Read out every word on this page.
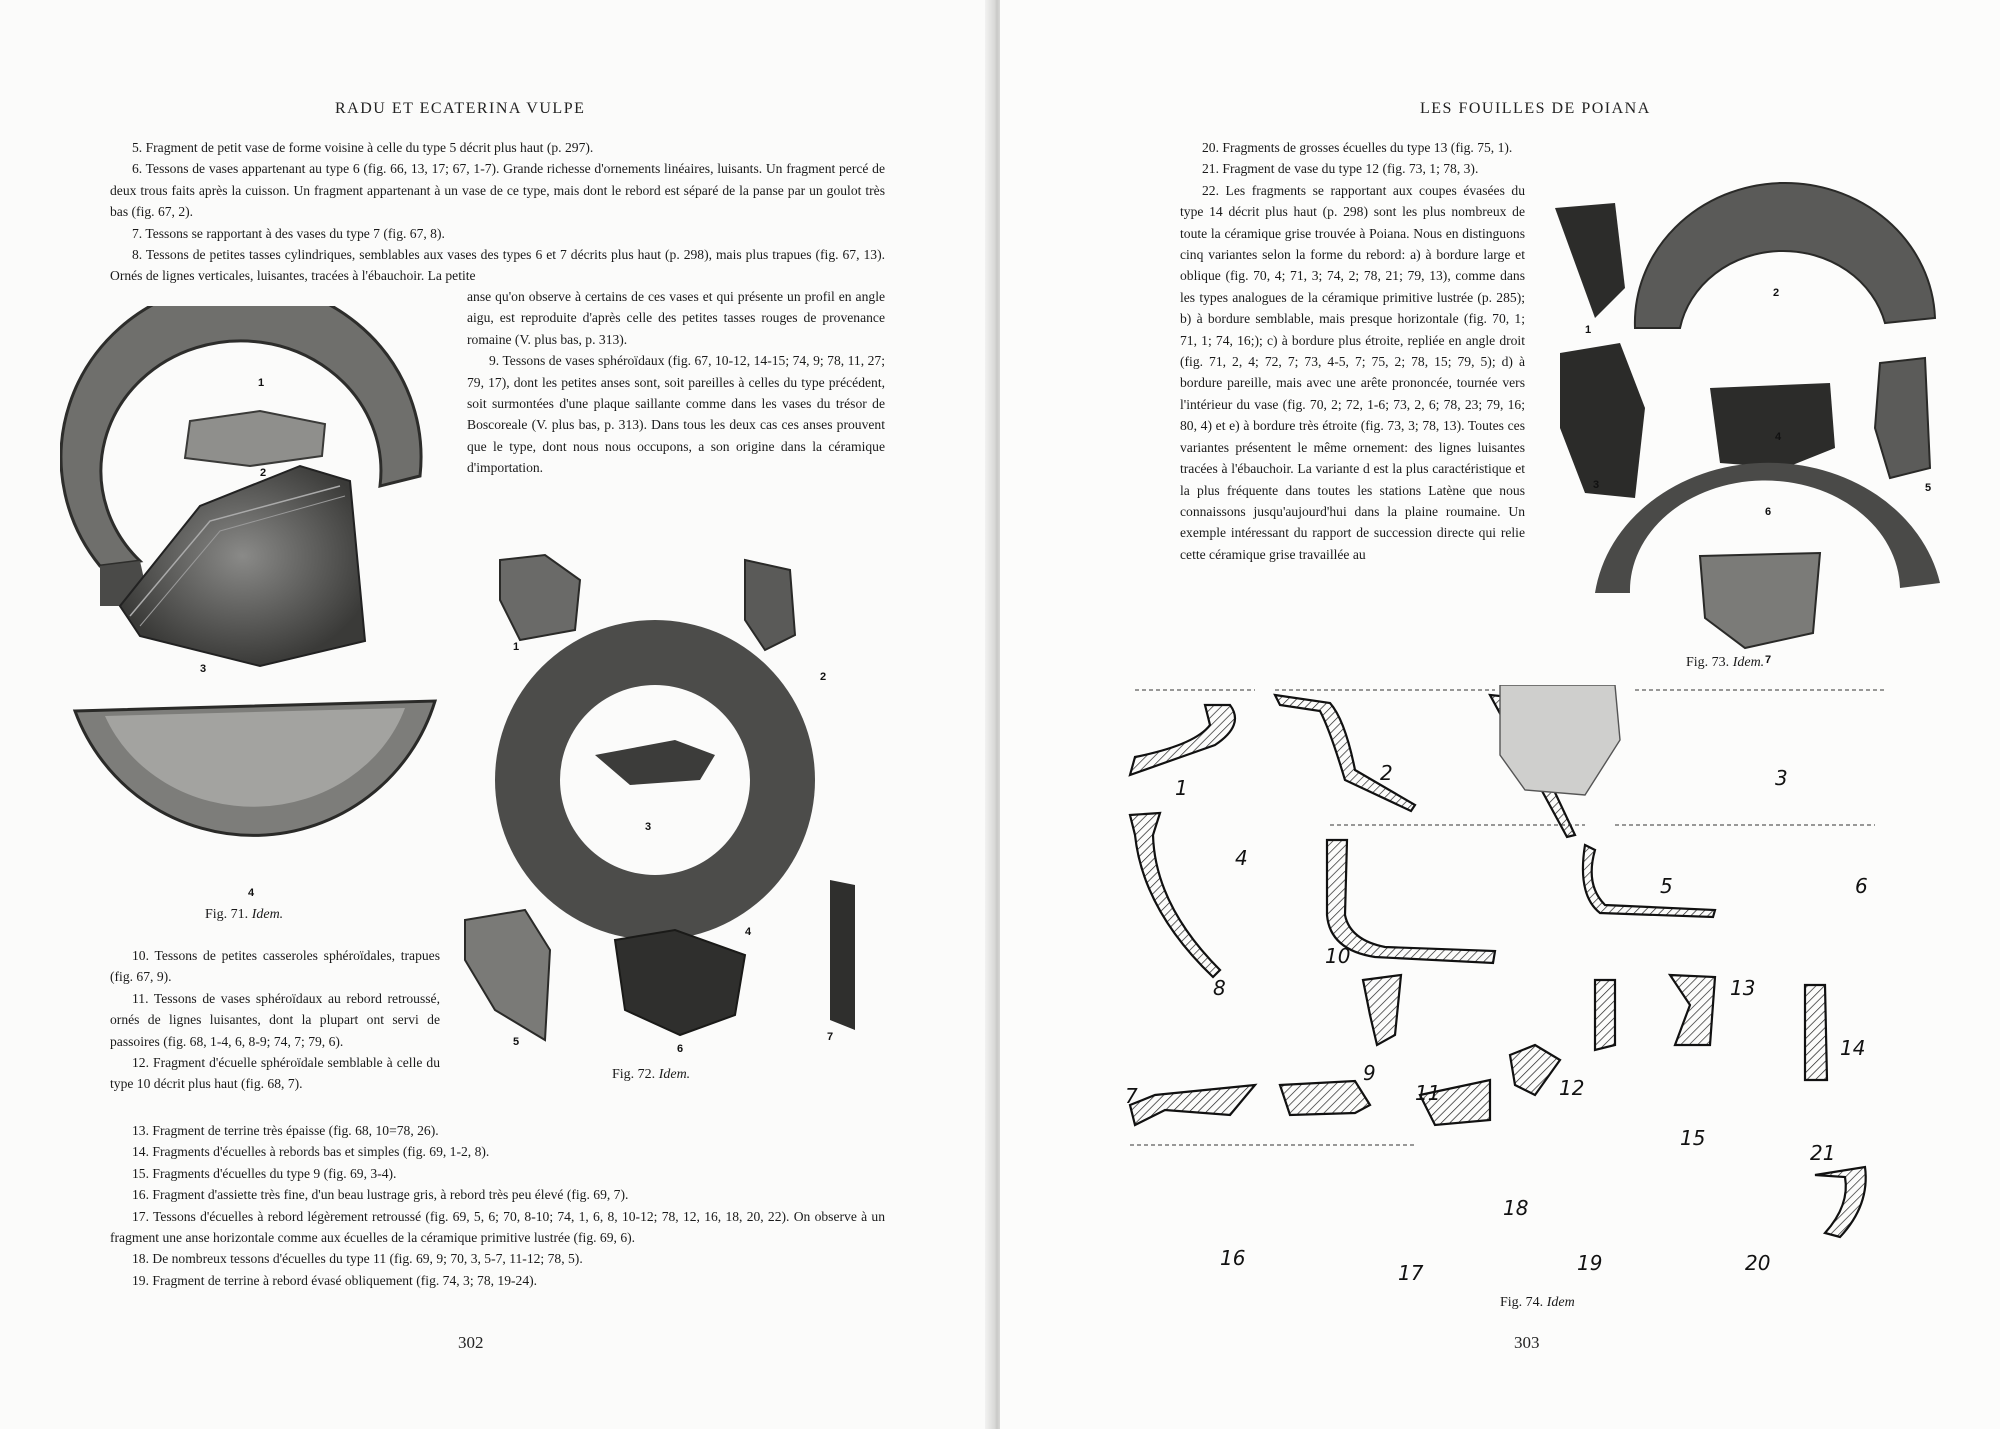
RADU ET ECATERINA VULPE

5. Fragment de petit vase de forme voisine à celle du type 5 décrit plus haut (p. 297).

6. Tessons de vases appartenant au type 6 (fig. 66, 13, 17; 67, 1-7). Grande richesse d'ornements linéaires, luisants. Un fragment percé de deux trous faits après la cuisson. Un fragment appartenant à un vase de ce type, mais dont le rebord est séparé de la panse par un goulot très bas (fig. 67, 2).

7. Tessons se rapportant à des vases du type 7 (fig. 67, 8).

8. Tessons de petites tasses cylindriques, semblables aux vases des types 6 et 7 décrits plus haut (p. 298), mais plus trapues (fig. 67, 13). Ornés de lignes verticales, luisantes, tracées à l'ébauchoir. La petite

anse qu'on observe à certains de ces vases et qui présente un profil en angle aigu, est reproduite d'après celle des petites tasses rouges de provenance romaine (V. plus bas, p. 313).

9. Tessons de vases sphéroïdaux (fig. 67, 10-12, 14-15; 74, 9; 78, 11, 27; 79, 17), dont les petites anses sont, soit pareilles à celles du type précédent, soit surmontées d'une plaque saillante comme dans les vases du trésor de Boscoreale (V. plus bas, p. 313). Dans tous les deux cas ces anses prouvent que le type, dont nous nous occupons, a son origine dans la céramique d'importation.

1
2
3
4
Fig. 71. Idem.
1
2
3
4
5
6
7
Fig. 72. Idem.

10. Tessons de petites casseroles sphéroïdales, trapues (fig. 67, 9).

11. Tessons de vases sphéroïdaux au rebord retroussé, ornés de lignes luisantes, dont la plupart ont servi de passoires (fig. 68, 1-4, 6, 8-9; 74, 7; 79, 6).

12. Fragment d'écuelle sphéroïdale semblable à celle du type 10 décrit plus haut (fig. 68, 7).

13. Fragment de terrine très épaisse (fig. 68, 10=78, 26).

14. Fragments d'écuelles à rebords bas et simples (fig. 69, 1-2, 8).

15. Fragments d'écuelles du type 9 (fig. 69, 3-4).

16. Fragment d'assiette très fine, d'un beau lustrage gris, à rebord très peu élevé (fig. 69, 7).

17. Tessons d'écuelles à rebord légèrement retroussé (fig. 69, 5, 6; 70, 8-10; 74, 1, 6, 8, 10-12; 78, 12, 16, 18, 20, 22). On observe à un fragment une anse horizontale comme aux écuelles de la céramique primitive lustrée (fig. 69, 6).

18. De nombreux tessons d'écuelles du type 11 (fig. 69, 9; 70, 3, 5-7, 11-12; 78, 5).

19. Fragment de terrine à rebord évasé obliquement (fig. 74, 3; 78, 19-24).

302
LES FOUILLES DE POIANA

20. Fragments de grosses écuelles du type 13 (fig. 75, 1).

21. Fragment de vase du type 12 (fig. 73, 1; 78, 3).

22. Les fragments se rapportant aux coupes évasées du type 14 décrit plus haut (p. 298) sont les plus nombreux de toute la céramique grise trouvée à Poiana. Nous en distinguons cinq variantes selon la forme du rebord: a) à bordure large et oblique (fig. 70, 4; 71, 3; 74, 2; 78, 21; 79, 13), comme dans les types analogues de la céramique primitive lustrée (p. 285); b) à bordure semblable, mais presque horizontale (fig. 70, 1; 71, 1; 74, 16;); c) à bordure plus étroite, repliée en angle droit (fig. 71, 2, 4; 72, 7; 73, 4-5, 7; 75, 2; 78, 15; 79, 5); d) à bordure pareille, mais avec une arête prononcée, tournée vers l'intérieur du vase (fig. 70, 2; 72, 1-6; 73, 2, 6; 78, 23; 79, 16; 80, 4) et e) à bordure très étroite (fig. 73, 3; 78, 13). Toutes ces variantes présentent le même ornement: des lignes luisantes tracées à l'ébauchoir. La variante d est la plus caractéristique et la plus fréquente dans toutes les stations Latène que nous connaissons jusqu'aujourd'hui dans la plaine roumaine. Un exemple intéressant du rapport de succession directe qui relie cette céramique grise travaillée au

1
2
3
4
5
6
7
Fig. 73. Idem.
1
2	3
4
5	6
7
8
9
10
11	12
13
14
15
16
17
18
19	20
21
Fig. 74. Idem
303
